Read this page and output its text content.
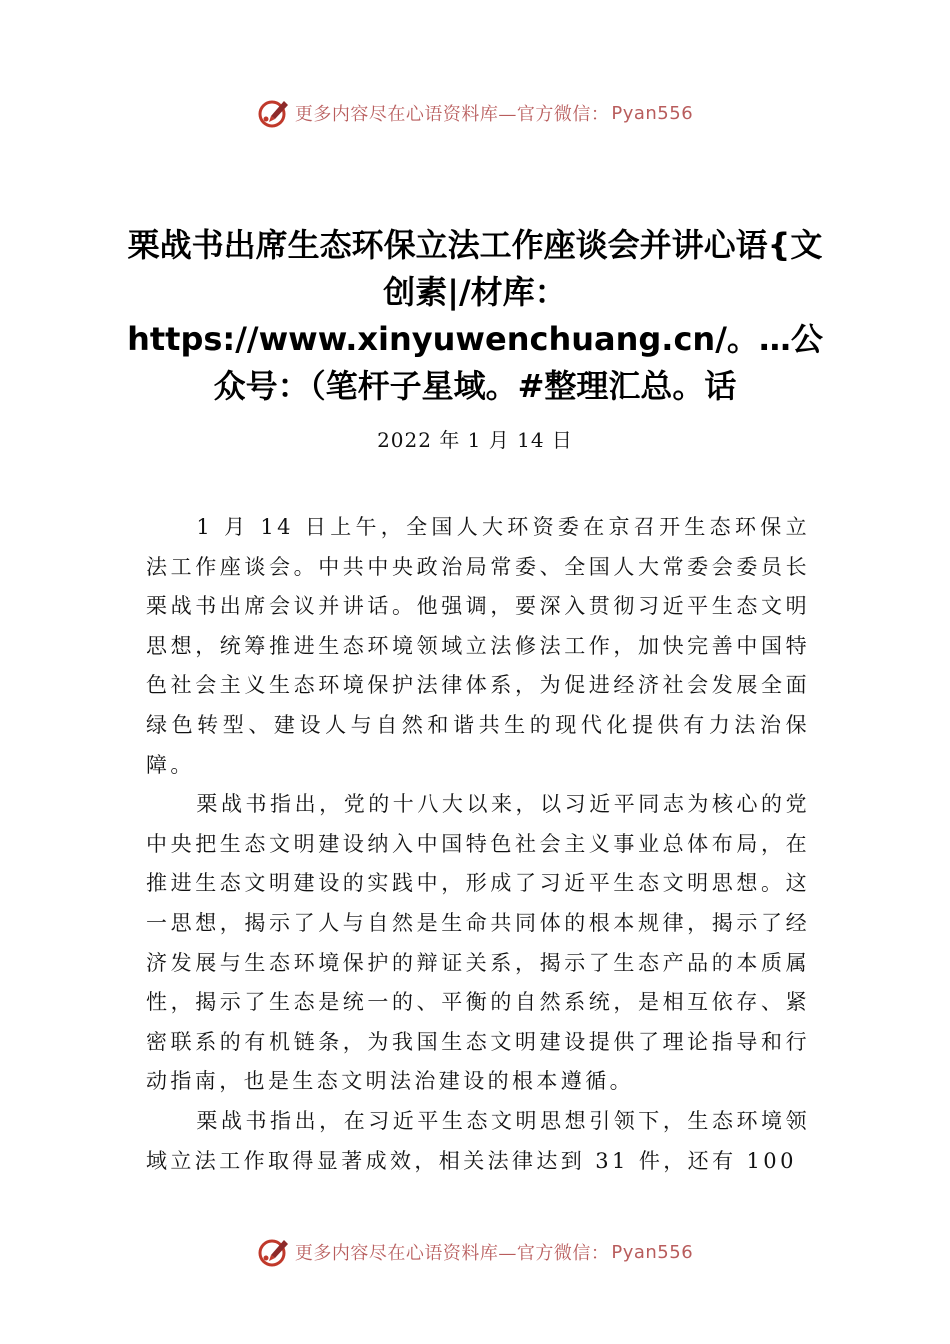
更多内容尽在心语资料库—官方微信： Pyan556
栗战书出席生态环保立法工作座谈会并讲心语{文创素|/材库：https://www.xinyuwenchuang.cn/。…公众号：（笔杆子星域。#整理汇总。话
2022 年 1 月 14 日

1 月 14 日上午，全国人大环资委在京召开生态环保立法工作座谈会。中共中央政治局常委、全国人大常委会委员长栗战书出席会议并讲话。他强调，要深入贯彻习近平生态文明思想，统筹推进生态环境领域立法修法工作，加快完善中国特色社会主义生态环境保护法律体系，为促进经济社会发展全面绿色转型、建设人与自然和谐共生的现代化提供有力法治保障。

栗战书指出，党的十八大以来，以习近平同志为核心的党中央把生态文明建设纳入中国特色社会主义事业总体布局，在推进生态文明建设的实践中，形成了习近平生态文明思想。这一思想，揭示了人与自然是生命共同体的根本规律，揭示了经济发展与生态环境保护的辩证关系，揭示了生态产品的本质属性，揭示了生态是统一的、平衡的自然系统，是相互依存、紧密联系的有机链条，为我国生态文明建设提供了理论指导和行动指南，也是生态文明法治建设的根本遵循。

栗战书指出，在习近平生态文明思想引领下，生态环境领域立法工作取得显著成效，相关法律达到 31 件，还有 100

更多内容尽在心语资料库—官方微信： Pyan556
